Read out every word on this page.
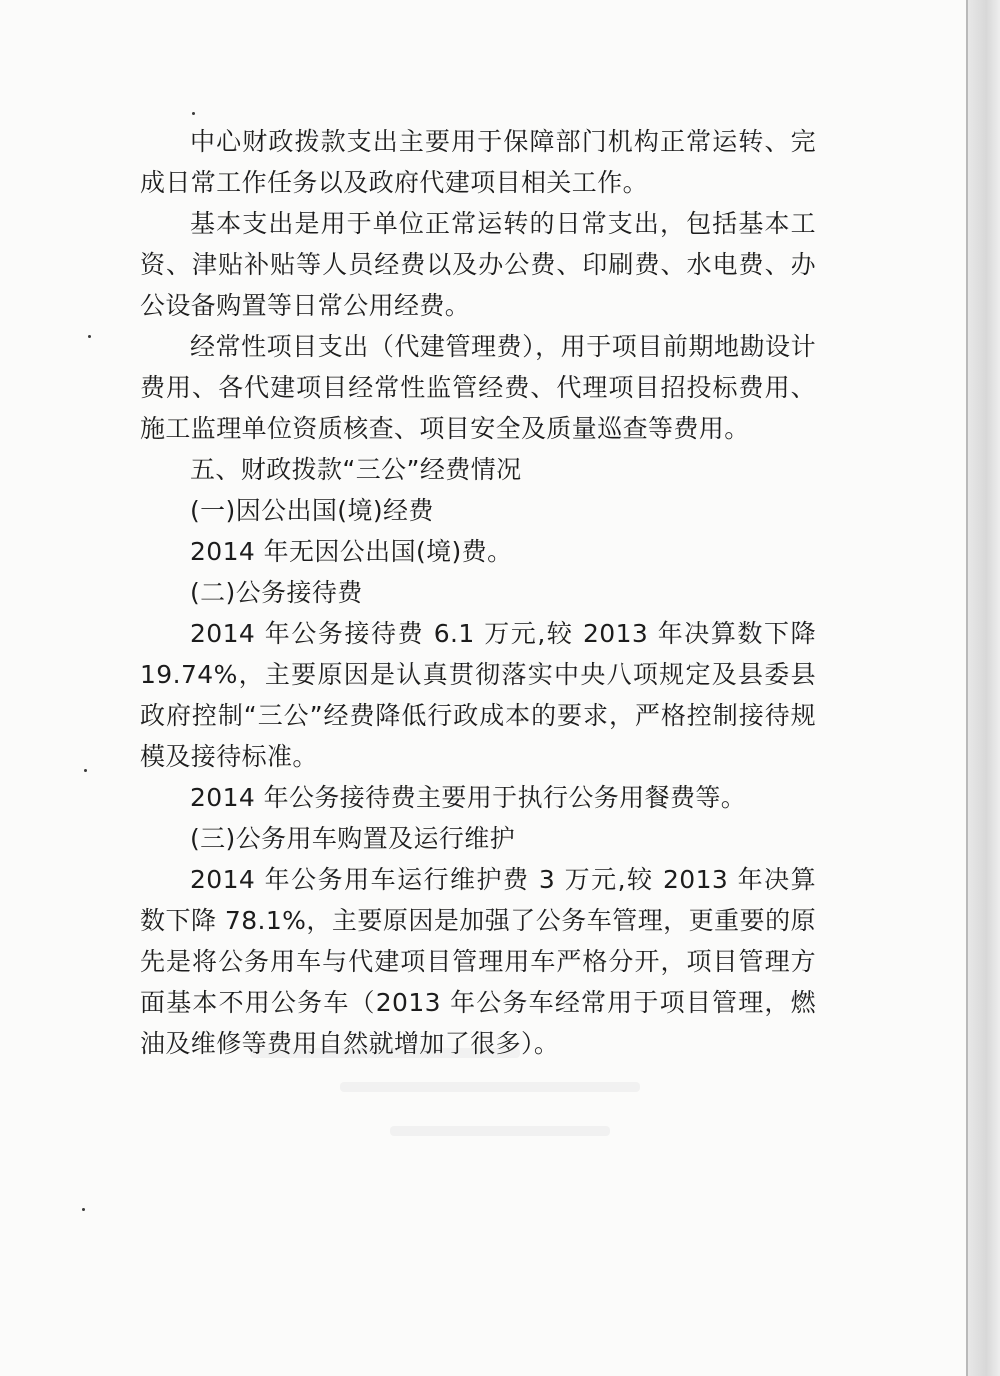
中心财政拨款支出主要用于保障部门机构正常运转、完成日常工作任务以及政府代建项目相关工作。

基本支出是用于单位正常运转的日常支出，包括基本工资、津贴补贴等人员经费以及办公费、印刷费、水电费、办公设备购置等日常公用经费。

经常性项目支出（代建管理费），用于项目前期地勘设计费用、各代建项目经常性监管经费、代理项目招投标费用、施工监理单位资质核查、项目安全及质量巡查等费用。

五、财政拨款“三公”经费情况

(一)因公出国(境)经费

2014 年无因公出国(境)费。

(二)公务接待费

2014 年公务接待费 6.1 万元,较 2013 年决算数下降19.74%，主要原因是认真贯彻落实中央八项规定及县委县政府控制“三公”经费降低行政成本的要求，严格控制接待规模及接待标准。

2014 年公务接待费主要用于执行公务用餐费等。

(三)公务用车购置及运行维护

2014 年公务用车运行维护费 3 万元,较 2013 年决算数下降 78.1%，主要原因是加强了公务车管理，更重要的原先是将公务用车与代建项目管理用车严格分开，项目管理方面基本不用公务车（2013 年公务车经常用于项目管理，燃油及维修等费用自然就增加了很多）。
